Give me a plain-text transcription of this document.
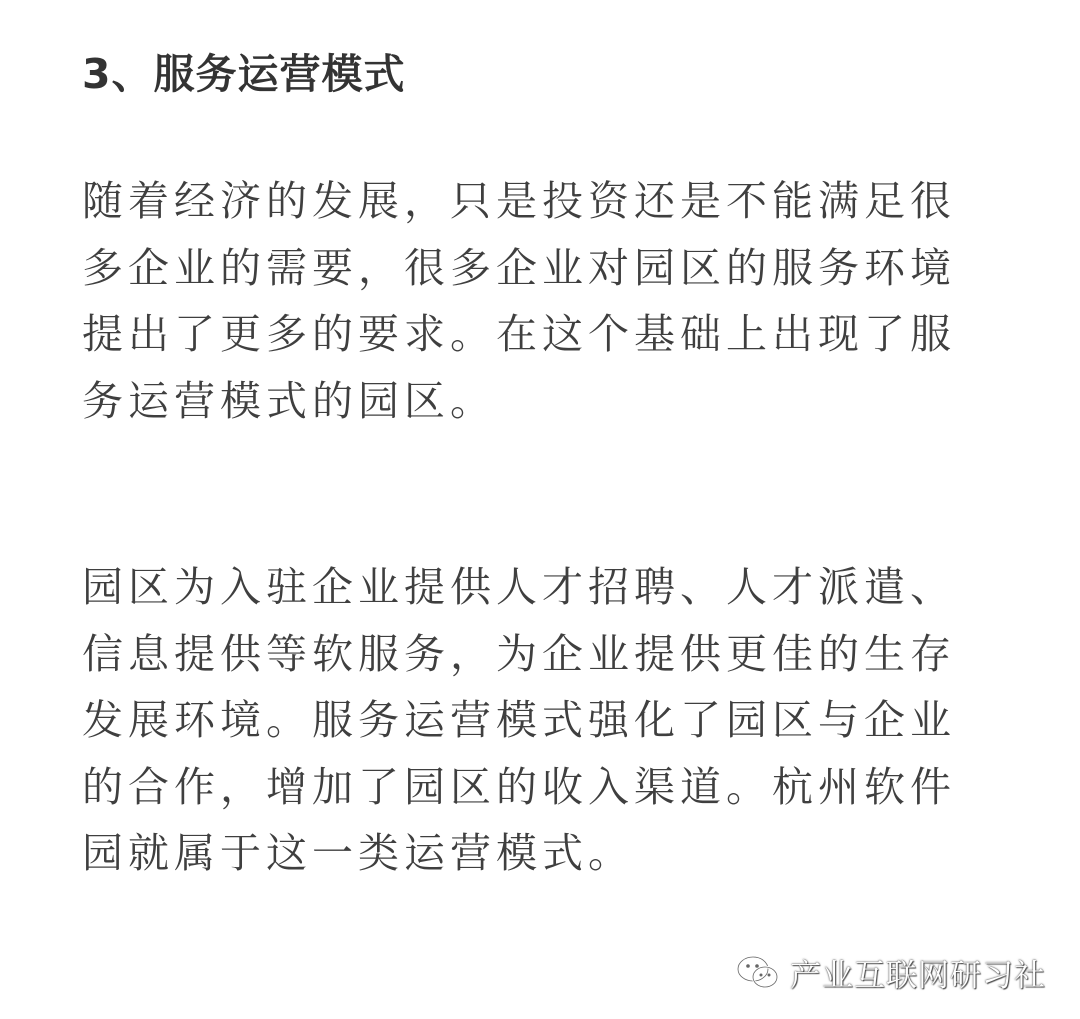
3、服务运营模式

随着经济的发展，只是投资还是不能满足很多企业的需要，很多企业对园区的服务环境提出了更多的要求。在这个基础上出现了服务运营模式的园区。

园区为入驻企业提供人才招聘、人才派遣、信息提供等软服务，为企业提供更佳的生存发展环境。服务运营模式强化了园区与企业的合作，增加了园区的收入渠道。杭州软件园就属于这一类运营模式。

产业互联网研习社
